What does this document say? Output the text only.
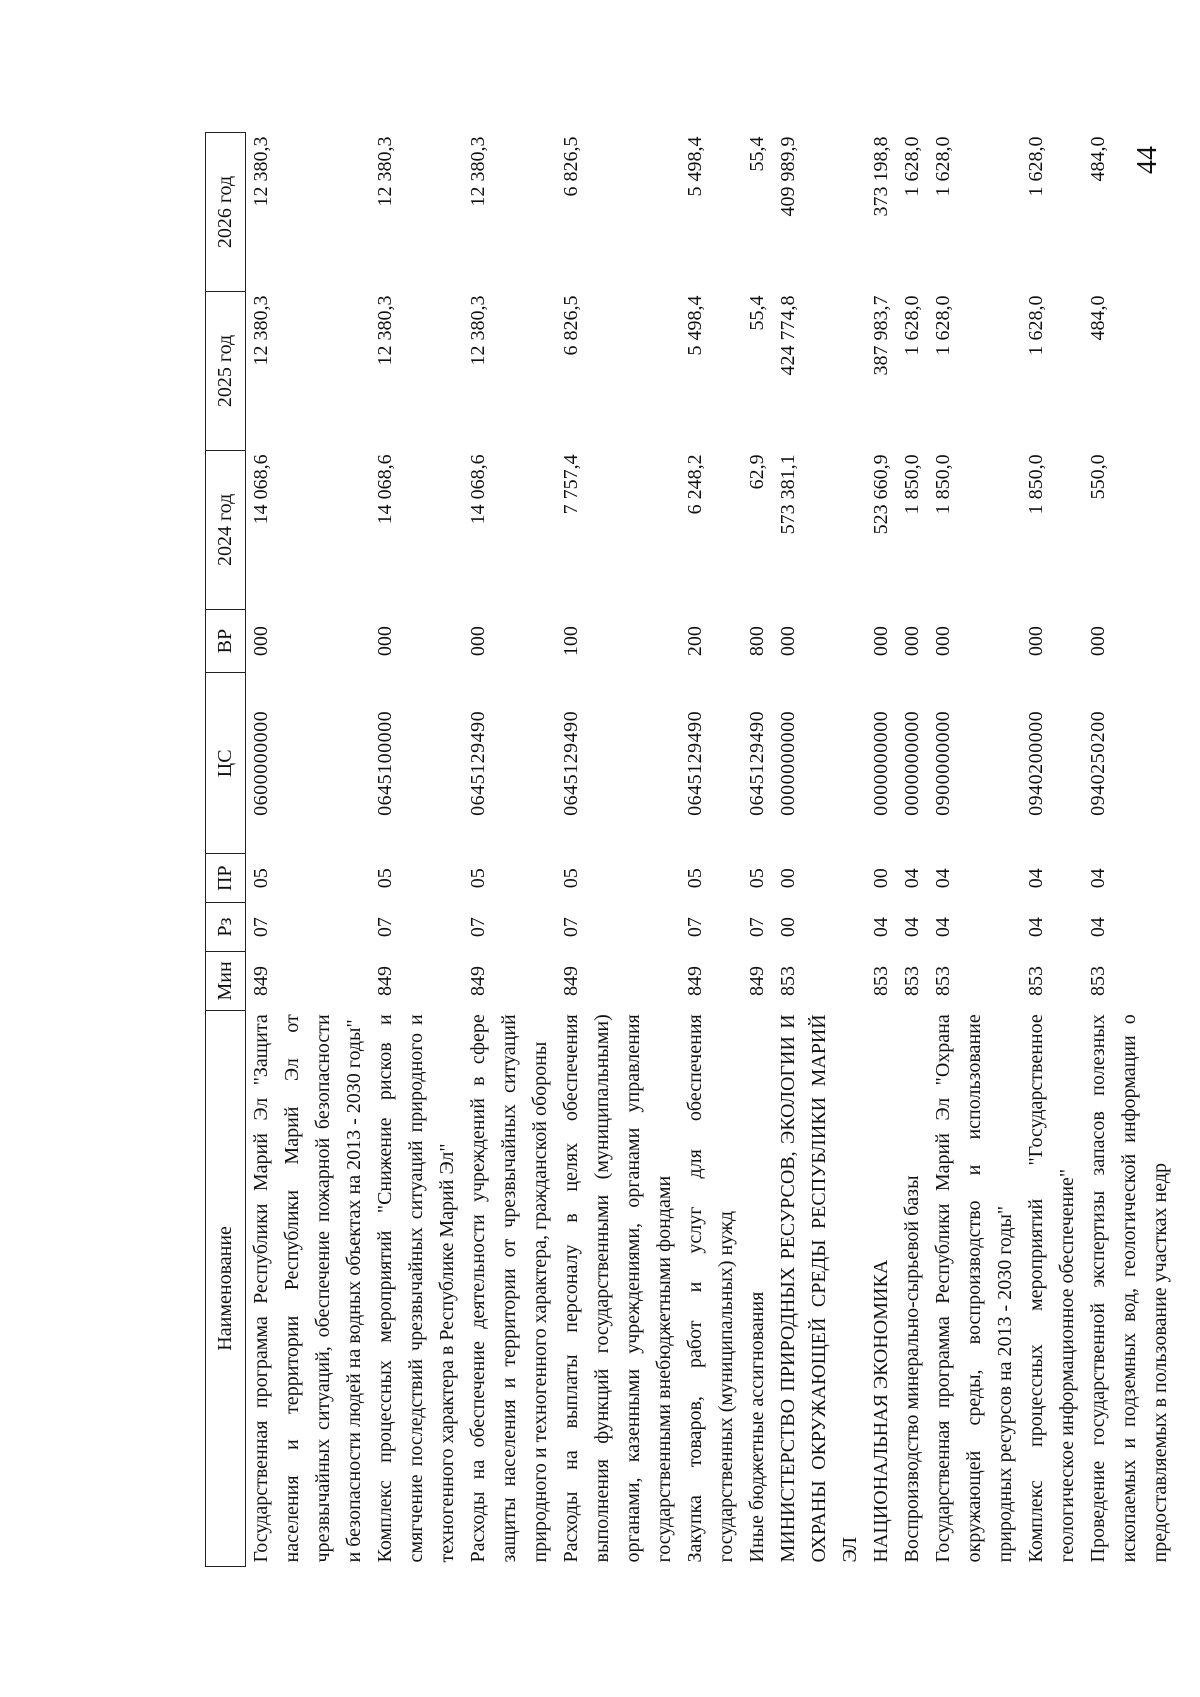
44
Наименование	Мин	Рз	ПР	ЦС	ВР	2024 год	2025 год	2026 год
Государственная программа Республики Марий Эл "Защита населения и территории Республики Марий Эл от чрезвычайных ситуаций, обеспечение пожарной безопасности и безопасности людей на водных объектах на 2013 - 2030 годы"	849	07	05	0600000000	000	14 068,6	12 380,3	12 380,3
Комплекс процессных мероприятий "Снижение рисков и смягчение последствий чрезвычайных ситуаций природного и техногенного характера в Республике Марий Эл"	849	07	05	0645100000	000	14 068,6	12 380,3	12 380,3
Расходы на обеспечение деятельности учреждений в сфере защиты населения и территории от чрезвычайных ситуаций природного и техногенного характера, гражданской обороны	849	07	05	0645129490	000	14 068,6	12 380,3	12 380,3
Расходы на выплаты персоналу в целях обеспечения выполнения функций государственными (муниципальными) органами, казенными учреждениями, органами управления государственными внебюджетными фондами	849	07	05	0645129490	100	7 757,4	6 826,5	6 826,5
Закупка товаров, работ и услуг для обеспечения государственных (муниципальных) нужд	849	07	05	0645129490	200	6 248,2	5 498,4	5 498,4
Иные бюджетные ассигнования	849	07	05	0645129490	800	62,9	55,4	55,4
МИНИСТЕРСТВО ПРИРОДНЫХ РЕСУРСОВ, ЭКОЛОГИИ И ОХРАНЫ ОКРУЖАЮЩЕЙ СРЕДЫ РЕСПУБЛИКИ МАРИЙ ЭЛ	853	00	00	0000000000	000	573 381,1	424 774,8	409 989,9
НАЦИОНАЛЬНАЯ ЭКОНОМИКА	853	04	00	0000000000	000	523 660,9	387 983,7	373 198,8
Воспроизводство минерально-сырьевой базы	853	04	04	0000000000	000	1 850,0	1 628,0	1 628,0
Государственная программа Республики Марий Эл "Охрана окружающей среды, воспроизводство и использование природных ресурсов на 2013 - 2030 годы"	853	04	04	0900000000	000	1 850,0	1 628,0	1 628,0
Комплекс процессных мероприятий "Государственное геологическое информационное обеспечение"	853	04	04	0940200000	000	1 850,0	1 628,0	1 628,0
Проведение государственной экспертизы запасов полезных ископаемых и подземных вод, геологической информации о предоставляемых в пользование участках недр	853	04	04	0940250200	000	550,0	484,0	484,0
